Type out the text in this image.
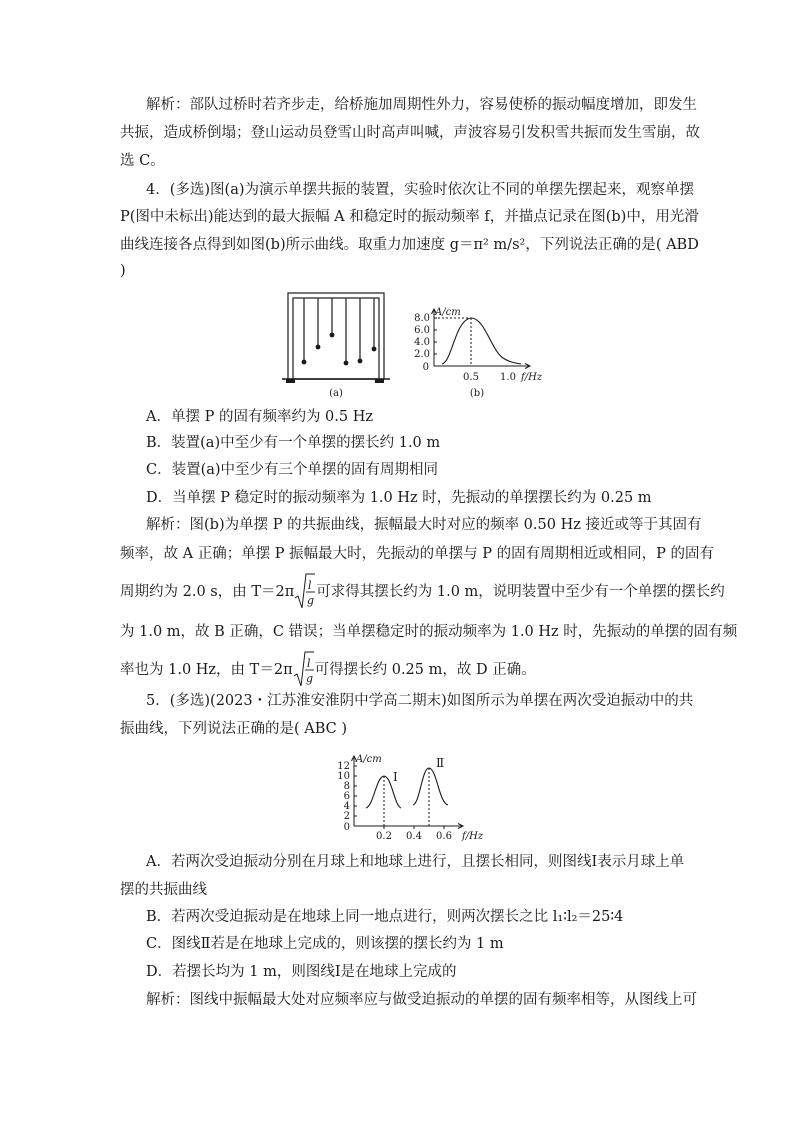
解析：部队过桥时若齐步走，给桥施加周期性外力，容易使桥的振动幅度增加，即发生
共振，造成桥倒塌；登山运动员登雪山时高声叫喊，声波容易引发积雪共振而发生雪崩，故
选 C。
4．(多选)图(a)为演示单摆共振的装置，实验时依次让不同的单摆先摆起来，观察单摆
P(图中未标出)能达到的最大振幅 A 和稳定时的振动频率 f，并描点记录在图(b)中，用光滑
曲线连接各点得到如图(b)所示曲线。取重力加速度 g＝π² m/s²，下列说法正确的是( ABD
)
(a)
A/cm
8.0
6.0
4.0
2.0
0
0.5 1.0 f/Hz
(b)
A．单摆 P 的固有频率约为 0.5 Hz
B．装置(a)中至少有一个单摆的摆长约 1.0 m
C．装置(a)中至少有三个单摆的固有周期相同
D．当单摆 P 稳定时的振动频率为 1.0 Hz 时，先振动的单摆摆长约为 0.25 m
解析：图(b)为单摆 P 的共振曲线，振幅最大时对应的频率 0.50 Hz 接近或等于其固有
频率，故 A 正确；单摆 P 振幅最大时，先振动的单摆与 P 的固有周期相近或相同，P 的固有
周期约为 2.0 s，由 T＝2π l
g
可求得其摆长约为 1.0 m，说明装置中至少有一个单摆的摆长约
为 1.0 m，故 B 正确，C 错误；当单摆稳定时的振动频率为 1.0 Hz 时，先振动的单摆的固有频
率也为 1.0 Hz，由 T＝2π l
g
可得摆长约 0.25 m，故 D 正确。
5．(多选)(2023・江苏淮安淮阴中学高二期末)如图所示为单摆在两次受迫振动中的共
振曲线，下列说法正确的是( ABC )
A/cm
12
10
8
6
4
2
0
0.2 0.4 0.6 f/Hz
Ⅰ
Ⅱ
A．若两次受迫振动分别在月球上和地球上进行，且摆长相同，则图线Ⅰ表示月球上单
摆的共振曲线
B．若两次受迫振动是在地球上同一地点进行，则两次摆长之比 l₁∶l₂＝25∶4
C．图线Ⅱ若是在地球上完成的，则该摆的摆长约为 1 m
D．若摆长均为 1 m，则图线Ⅰ是在地球上完成的
解析：图线中振幅最大处对应频率应与做受迫振动的单摆的固有频率相等，从图线上可
